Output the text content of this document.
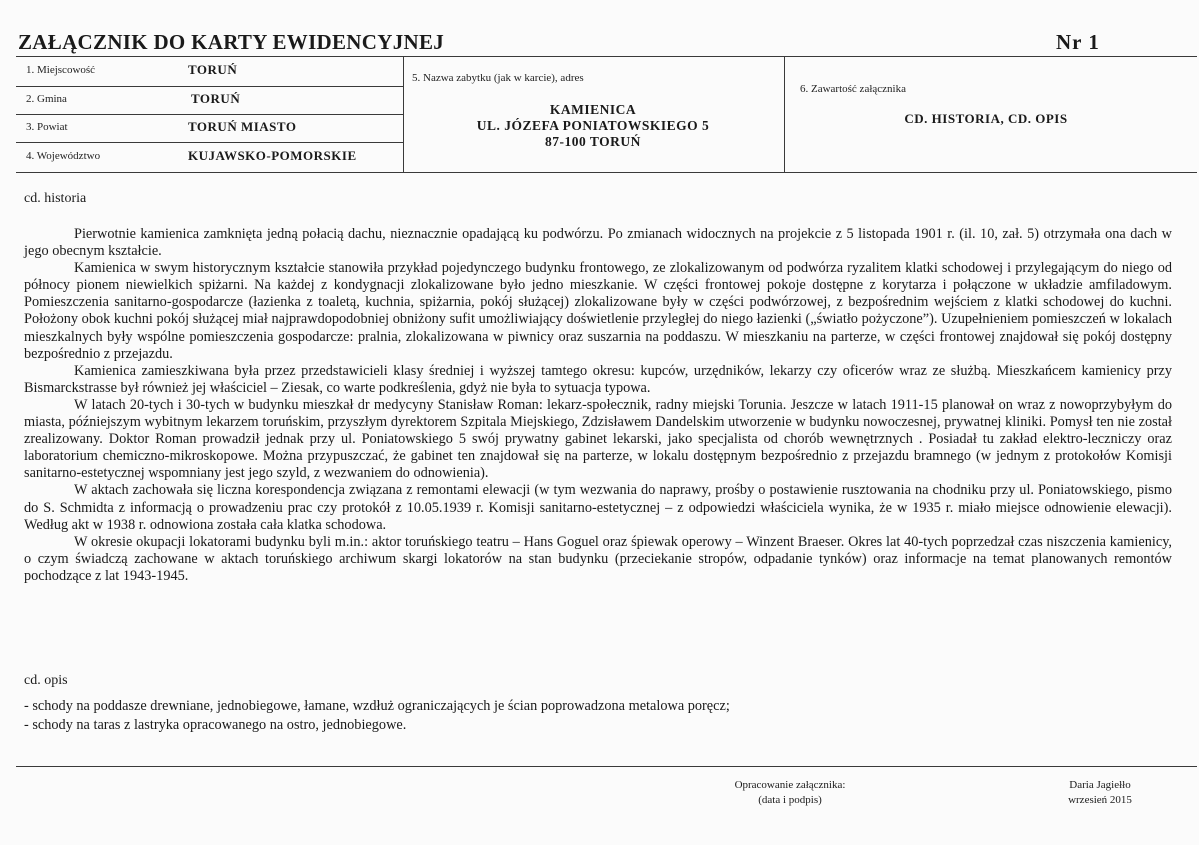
ZAŁĄCZNIK DO KARTY EWIDENCYJNEJ	Nr 1
1. Miejscowość	TORUŃ
2. Gmina	TORUŃ
3. Powiat	TORUŃ MIASTO
4. Województwo	KUJAWSKO-POMORSKIE
5. Nazwa zabytku (jak w karcie), adres
KAMIENICA
UL. JÓZEFA PONIATOWSKIEGO 5
87-100 TORUŃ
6. Zawartość załącznika
CD. HISTORIA, CD. OPIS
cd. historia

Pierwotnie kamienica zamknięta jedną połacią dachu, nieznacznie opadającą ku podwórzu. Po zmianach widocznych na projekcie z 5 listopada 1901 r. (il. 10, zał. 5) otrzymała ona dach w jego obecnym kształcie.

Kamienica w swym historycznym kształcie stanowiła przykład pojedynczego budynku frontowego, ze zlokalizowanym od podwórza ryzalitem klatki schodowej i przylegającym do niego od północy pionem niewielkich spiżarni. Na każdej z kondygnacji zlokalizowane było jedno mieszkanie. W części frontowej pokoje dostępne z korytarza i połączone w układzie amfiladowym. Pomieszczenia sanitarno-gospodarcze (łazienka z toaletą, kuchnia, spiżarnia, pokój służącej) zlokalizowane były w części podwórzowej, z bezpośrednim wejściem z klatki schodowej do kuchni. Położony obok kuchni pokój służącej miał najprawdopodobniej obniżony sufit umożliwiający doświetlenie przyległej do niego łazienki („światło pożyczone”). Uzupełnieniem pomieszczeń w lokalach mieszkalnych były wspólne pomieszczenia gospodarcze: pralnia, zlokalizowana w piwnicy oraz suszarnia na poddaszu. W mieszkaniu na parterze, w części frontowej znajdował się pokój dostępny bezpośrednio z przejazdu.

Kamienica zamieszkiwana była przez przedstawicieli klasy średniej i wyższej tamtego okresu: kupców, urzędników, lekarzy czy oficerów wraz ze służbą. Mieszkańcem kamienicy przy Bismarckstrasse był również jej właściciel – Ziesak, co warte podkreślenia, gdyż nie była to sytuacja typowa.

W latach 20-tych i 30-tych w budynku mieszkał dr medycyny Stanisław Roman: lekarz-społecznik, radny miejski Torunia. Jeszcze w latach 1911-15 planował on wraz z nowoprzybyłym do miasta, późniejszym wybitnym lekarzem toruńskim, przyszłym dyrektorem Szpitala Miejskiego, Zdzisławem Dandelskim utworzenie w budynku nowoczesnej, prywatnej kliniki. Pomysł ten nie został zrealizowany. Doktor Roman prowadził jednak przy ul. Poniatowskiego 5 swój prywatny gabinet lekarski, jako specjalista od chorób wewnętrznych . Posiadał tu zakład elektro-leczniczy oraz laboratorium chemiczno-mikroskopowe. Można przypuszczać, że gabinet ten znajdował się na parterze, w lokalu dostępnym bezpośrednio z przejazdu bramnego (w jednym z protokołów Komisji sanitarno-estetycznej wspomniany jest jego szyld, z wezwaniem do odnowienia).

W aktach zachowała się liczna korespondencja związana z remontami elewacji (w tym wezwania do naprawy, prośby o postawienie rusztowania na chodniku przy ul. Poniatowskiego, pismo do S. Schmidta z informacją o prowadzeniu prac czy protokół z 10.05.1939 r. Komisji sanitarno-estetycznej – z odpowiedzi właściciela wynika, że w 1935 r. miało miejsce odnowienie elewacji). Według akt w 1938 r. odnowiona została cała klatka schodowa.

W okresie okupacji lokatorami budynku byli m.in.: aktor toruńskiego teatru – Hans Goguel oraz śpiewak operowy – Winzent Braeser. Okres lat 40-tych poprzedzał czas niszczenia kamienicy, o czym świadczą zachowane w aktach toruńskiego archiwum skargi lokatorów na stan budynku (przeciekanie stropów, odpadanie tynków) oraz informacje na temat planowanych remontów pochodzące z lat 1943-1945.

cd. opis
- schody na poddasze drewniane, jednobiegowe, łamane, wzdłuż ograniczających je ścian poprowadzona metalowa poręcz;
- schody na taras z lastryka opracowanego na ostro, jednobiegowe.
Opracowanie załącznika:
(data i podpis)
Daria Jagiełło
wrzesień 2015
